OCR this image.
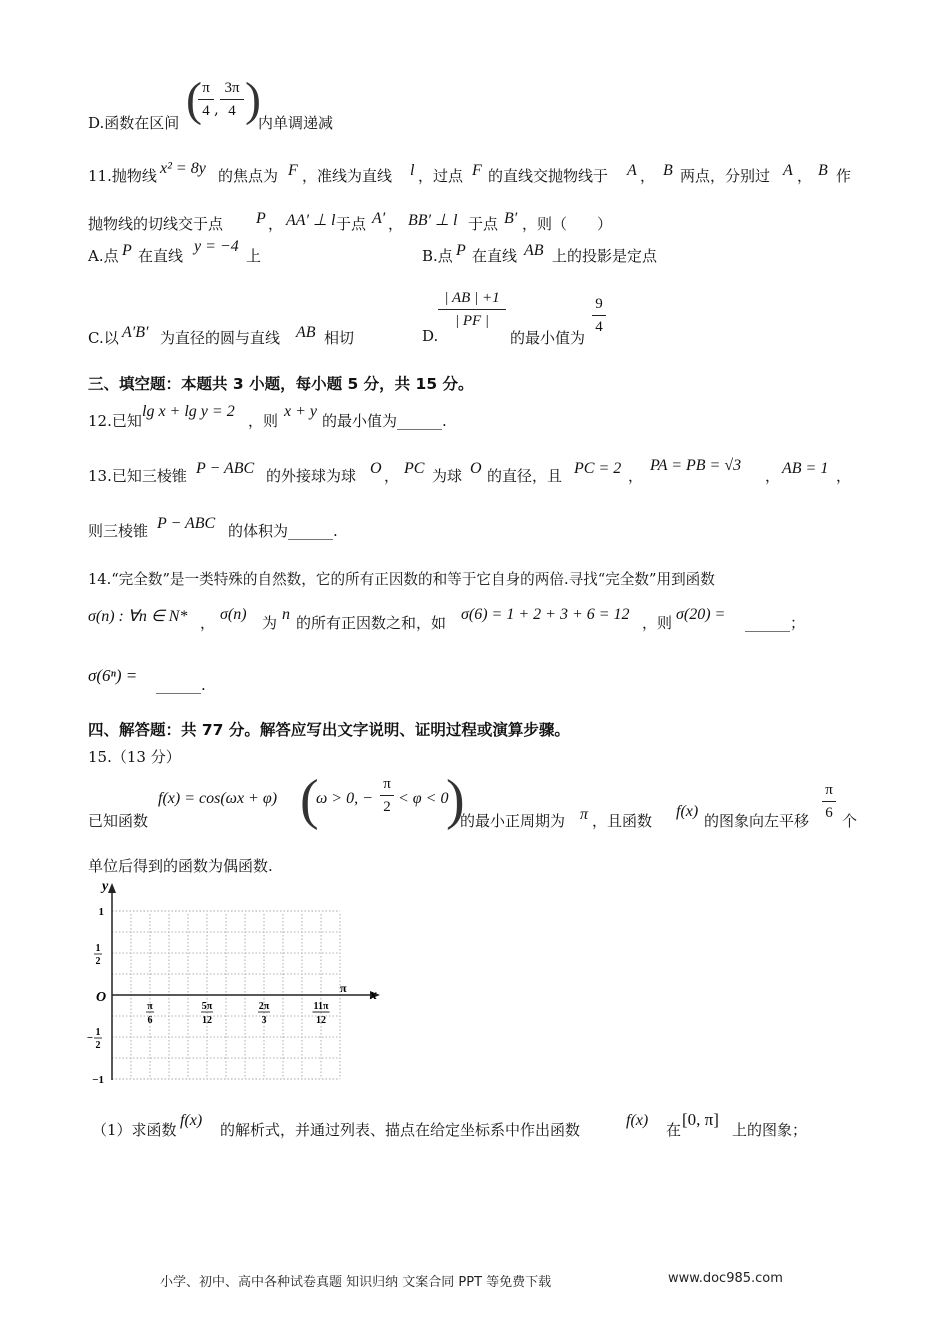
D.函数在区间 ( π
4 ,
3π
4 )
内单调递减
11.抛物线 x² = 8y 的焦点为 F ，准线为直线 l ，过点 F 的直线交抛物线于 A ， B 两点，分别过 A ， B 作
抛物线的切线交于点 P ， AA′ ⊥ l 于点 A′ ， BB′ ⊥ l 于点 B′ ，则（　　）
A.点 P 在直线
y = −4
上	B.点 P 在直线 AB 上的投影是定点
C.以 A′B′ 为直径的圆与直线 AB 相切	D.
| AB | +1
| PF |
的最小值为
9
4
三、填空题：本题共 3 小题，每小题 5 分，共 15 分。
12.已知
lg x + lg y = 2
，则
x + y
的最小值为______.
13.已知三棱锥 P − ABC 的外接球为球 O ， PC 为球 O 的直径，且 PC = 2 ，
PA = PB = √3
， AB = 1 ，
则三棱锥 P − ABC 的体积为______.
14.“完全数”是一类特殊的自然数，它的所有正因数的和等于它自身的两倍.寻找“完全数”用到函数
σ(n) : ∀n ∈ N* ， σ(n) 为 n 的所有正因数之和，如 σ(6) = 1 + 2 + 3 + 6 = 12 ，则 σ(20) = ______；
σ(6ⁿ) = ______.
四、解答题：共 77 分。解答应写出文字说明、证明过程或演算步骤。
15.（13 分）
已知函数
f(x) = cos(ωx + φ) (
ω > 0, −
π
2 < φ < 0
)
的最小正周期为 π ，且函数
f(x)
的图象向左平移
π
6 个
单位后得到的函数为偶函数.
y
x
O
π
1
1
2
− 1
2
−1
π
6
5π
12
2π
3
11π
12
（1）求函数
f(x)
的解析式，并通过列表、描点在给定坐标系中作出函数
f(x)
在
[0, π]
上的图象；
小学、初中、高中各种试卷真题 知识归纳 文案合同 PPT 等免费下载	www.doc985.com
